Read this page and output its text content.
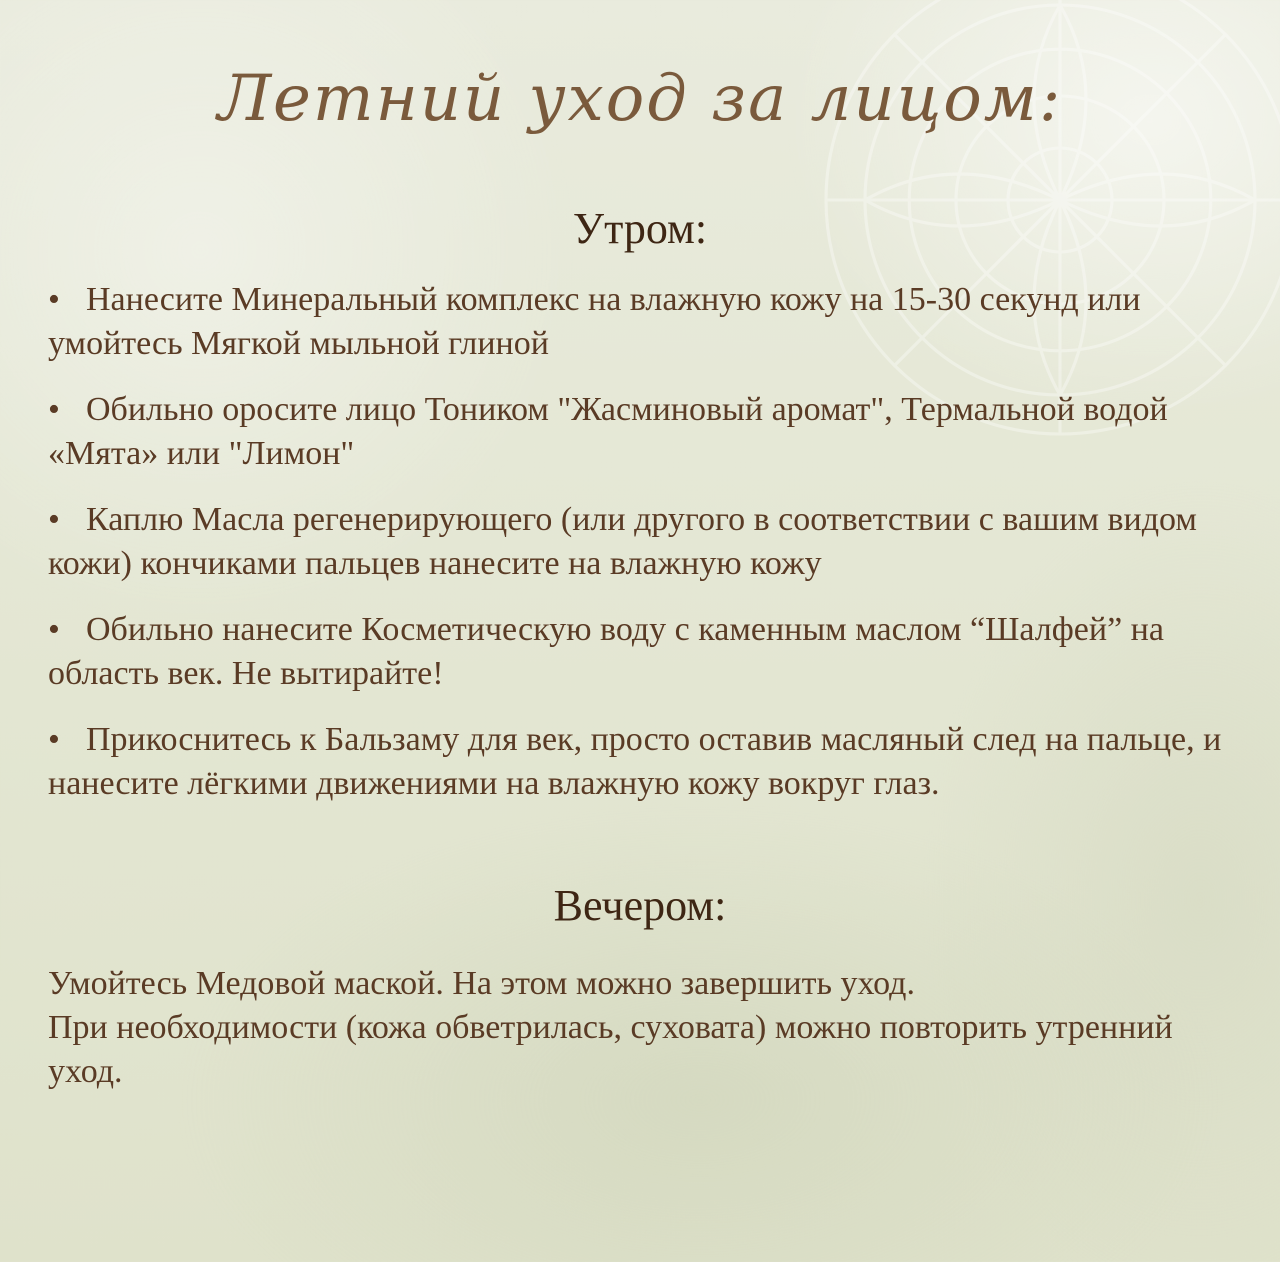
Летний уход за лицом:
Утром:
• Нанесите Минеральный комплекс на влажную кожу на 15-30 секунд или умойтесь Мягкой мыльной глиной
• Обильно оросите лицо Тоником "Жасминовый аромат", Термальной водой «Мята» или "Лимон"
• Каплю Масла регенерирующего (или другого в соответствии с вашим видом кожи) кончиками пальцев нанесите на влажную кожу
• Обильно нанесите Косметическую воду с каменным маслом “Шалфей” на область век. Не вытирайте!
• Прикоснитесь к Бальзаму для век, просто оставив масляный след на пальце, и нанесите лёгкими движениями на влажную кожу вокруг глаз.
Вечером:

Умойтесь Медовой маской. На этом можно завершить уход.

При необходимости (кожа обветрилась, суховата) можно повторить утренний уход.
